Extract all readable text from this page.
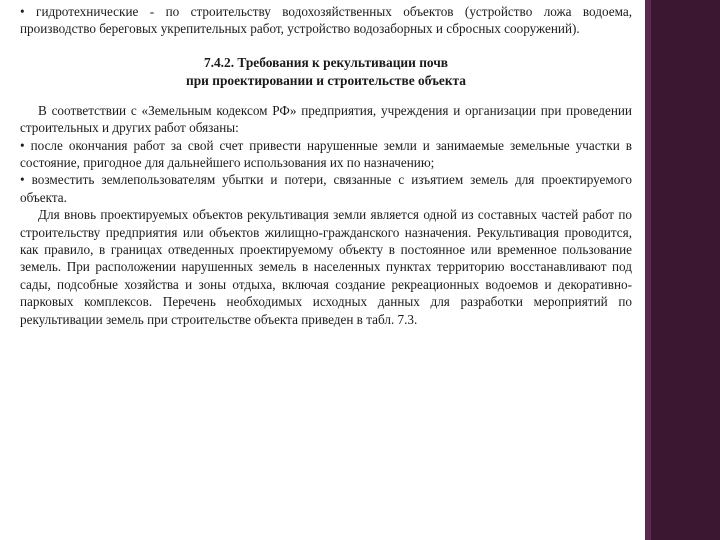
• гидротехнические - по строительству водохозяйственных объектов (устройство ложа водоема, производство береговых укрепительных работ, устройство водозаборных и сбросных сооружений).

7.4.2. Требования к рекультивации почв
при проектировании и строительстве объекта

В соответствии с «Земельным кодексом РФ» предприятия, учреждения и организации при проведении строительных и других работ обязаны:

• после окончания работ за свой счет привести нарушенные земли и занимаемые земельные участки в состояние, пригодное для дальнейшего использования их по назначению;

• возместить землепользователям убытки и потери, связанные с изъятием земель для проектируемого объекта.

Для вновь проектируемых объектов рекультивация земли является одной из составных частей работ по строительству предприятия или объектов жилищно-гражданского назначения. Рекультивация проводится, как правило, в границах отведенных проектируемому объекту в постоянное или временное пользование земель. При расположении нарушенных земель в населенных пунктах территорию восстанавливают под сады, подсобные хозяйства и зоны отдыха, включая создание рекреационных водоемов и декоративно-парковых комплексов. Перечень необходимых исходных данных для разработки мероприятий по рекультивации земель при строительстве объекта приведен в табл. 7.3.
